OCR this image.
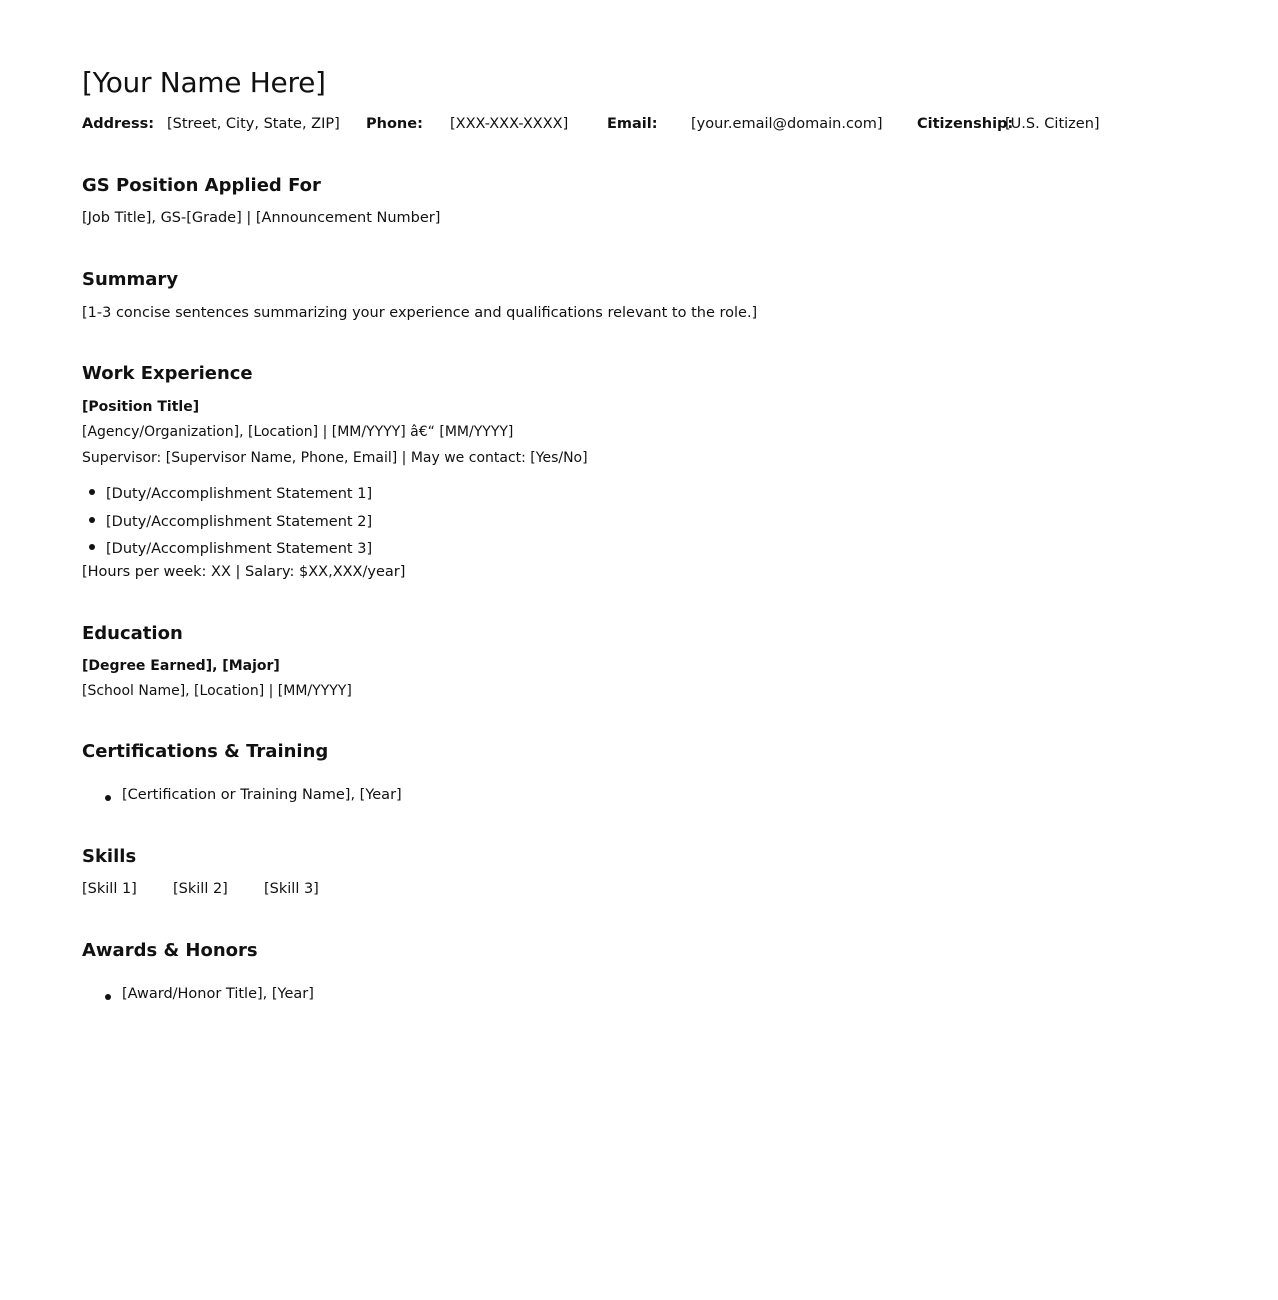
[Your Name Here]
Address: [Street, City, State, ZIP] Phone: [XXX-XXX-XXXX]	Email: [your.email@domain.com] Citizenship:
[U.S. Citizen]
GS Position Applied For
[Job Title], GS-[Grade] | [Announcement Number]
Summary
[1-3 concise sentences summarizing your experience and qualifications relevant to the role.]
Work Experience
[Position Title]
[Agency/Organization], [Location] | [MM/YYYY] â€“ [MM/YYYY]
Supervisor: [Supervisor Name, Phone, Email] | May we contact: [Yes/No]
[Duty/Accomplishment Statement 1]
[Duty/Accomplishment Statement 2]
[Duty/Accomplishment Statement 3]
[Hours per week: XX | Salary: $XX,XXX/year]
Education
[Degree Earned], [Major]
[School Name], [Location] | [MM/YYYY]
Certifications & Training
[Certification or Training Name], [Year]
Skills
[Skill 1] [Skill 2] [Skill 3]
Awards & Honors
[Award/Honor Title], [Year]
